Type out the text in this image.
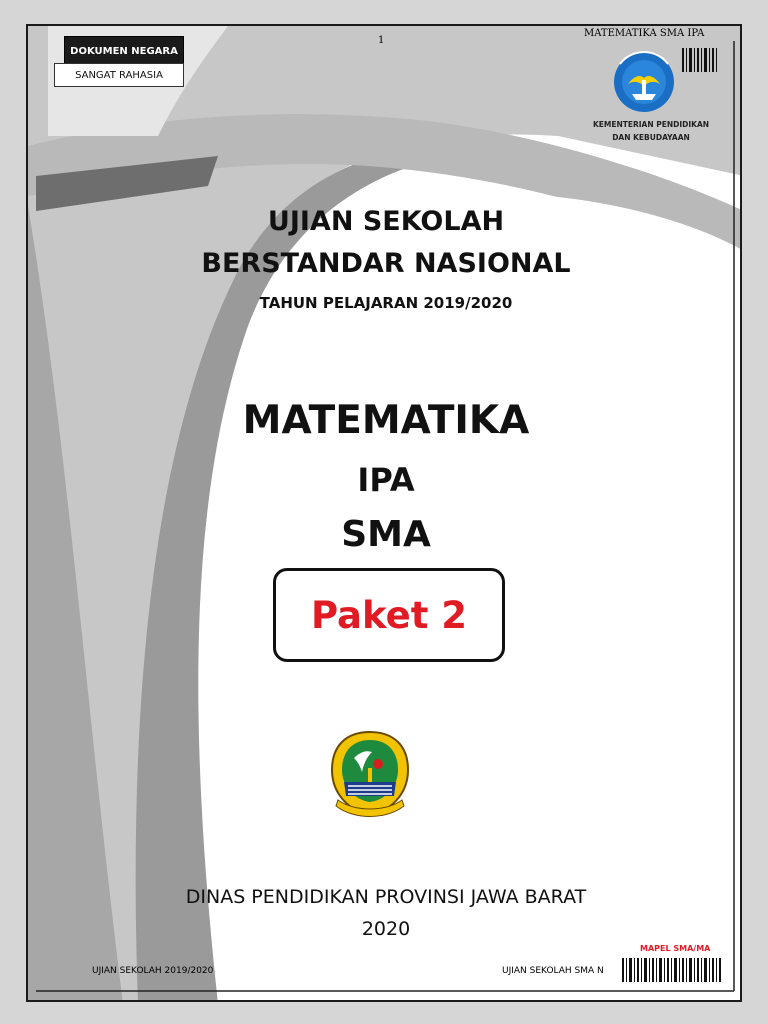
DOKUMEN NEGARA
SANGAT RAHASIA
1
MATEMATIKA SMA IPA
KEMENTERIAN PENDIDIKAN
DAN KEBUDAYAAN
UJIAN SEKOLAH
BERSTANDAR NASIONAL
TAHUN PELAJARAN 2019/2020
MATEMATIKA
IPA
SMA
Paket 2
DINAS PENDIDIKAN PROVINSI JAWA BARAT
2020
UJIAN SEKOLAH 2019/2020
MAPEL SMA/MA
UJIAN SEKOLAH SMA N
